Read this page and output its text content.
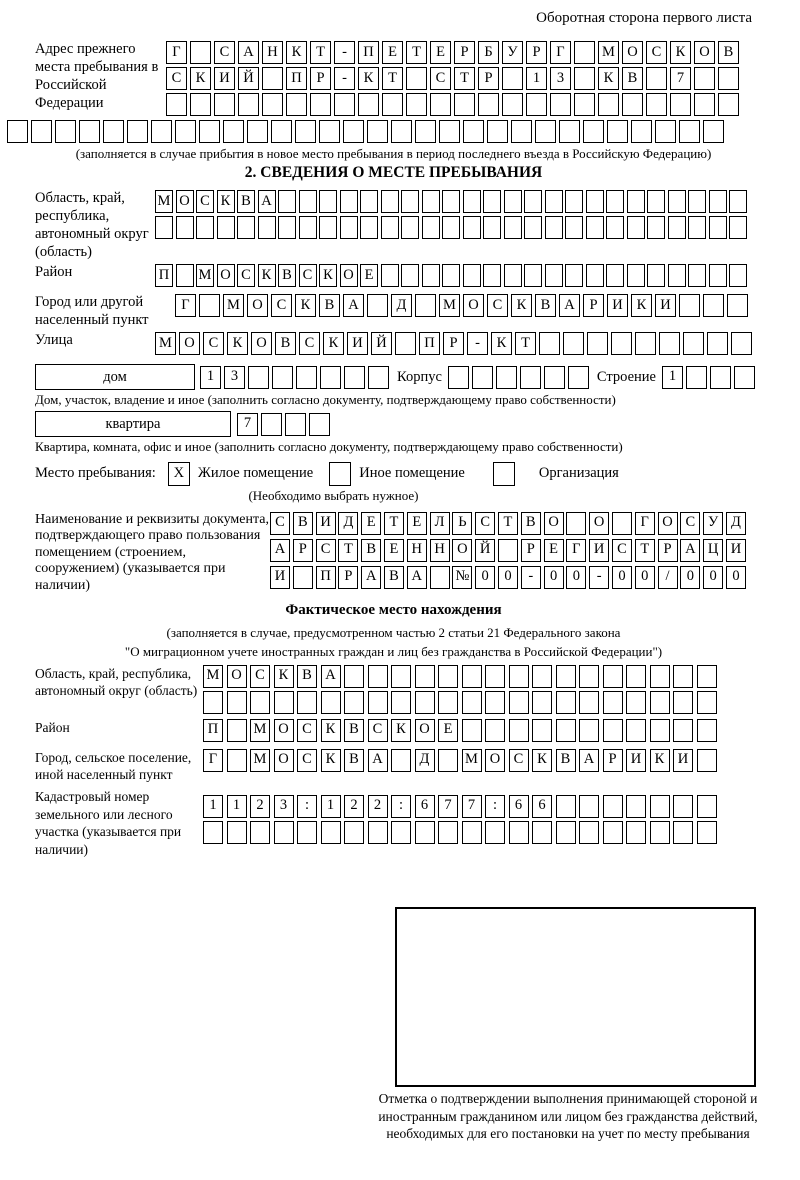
Оборотная сторона первого листа
Адрес прежнего места пребывания в Российской Федерации
Г	С А Н К	Т	-	П Е	Т	Е	Р	Б	У	Р	Г	М О С К О В
С К И Й	П	Р	-	К	Т	С	Т	Р	1	3	К В	7
(заполняется в случае прибытия в новое место пребывания в период последнего въезда в Российскую Федерацию)
2. СВЕДЕНИЯ О МЕСТЕ ПРЕБЫВАНИЯ
Область, край, республика, автономный округ (область)
М О С К В А
Район	П М О С К В С К О Е
Город или другой населенный пункт
Г	М О С К В А	Д	М О С К В А	Р	И К И
Улица	М О С К О В С К И Й	П	Р	-	К	Т
дом	1	3	Корпус	Строение 1
Дом, участок, владение и иное (заполнить согласно документу, подтверждающему право собственности)
квартира	7
Квартира, комната, офис и иное (заполнить согласно документу, подтверждающему право собственности)
Место пребывания:	X Жилое помещение	Иное помещение	Организация
(Необходимо выбрать нужное)
Наименование и реквизиты документа, подтверждающего право пользования помещением (строением, сооружением) (указывается при наличии)
С В И Д Е Т Е Л Ь С Т В О	О	Г О С У Д
А Р С Т В Е Н Н О Й	Р Е Г И С Т Р А Ц И
И	П Р А В А	№ 0	0	-	0	0	-	0	0	/	0	0	0
Фактическое место нахождения
(заполняется в случае, предусмотренном частью 2 статьи 21 Федерального закона
"О миграционном учете иностранных граждан и лиц без гражданства в Российской Федерации")
Область, край, республика, автономный округ (область)
М О С К В А
Район	П	М О С К В С К О Е
Город, сельское поселение, иной населенный пункт
Г	М О С К В А	Д	М О С К В А Р И К И
Кадастровый номер земельного или лесного участка (указывается при наличии)
1	1	2	3	:	1	2	2	:	6	7	7	:	6	6
Отметка о подтверждении выполнения принимающей стороной и иностранным гражданином или лицом без гражданства действий, необходимых для его постановки на учет по месту пребывания
